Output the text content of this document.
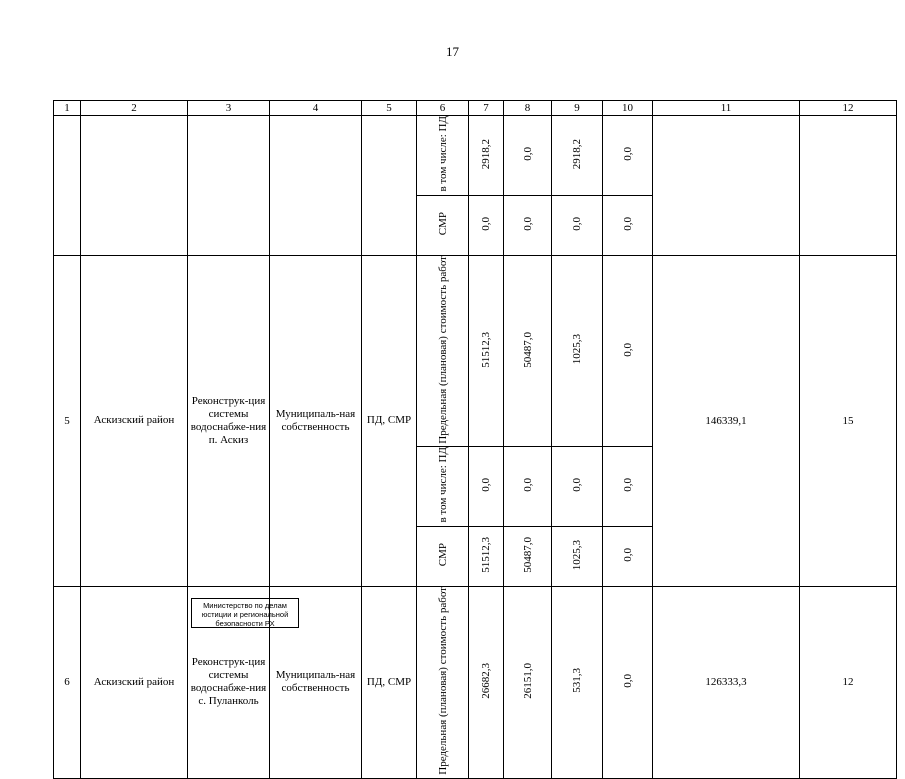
17
1	2	3	4	5	6	7	8	9	10	11	12
					в том числе: ПД	2918,2	0,0	2918,2	0,0		
					СМР	0,0	0,0	0,0	0,0		
5	Аскизский район	Реконструк-ция системы водоснабже-ния п. Аскиз	Муниципаль-ная собственность	ПД, СМР	Предельная (плановая) стоимость работ	51512,3	50487,0	1025,3	0,0	146339,1	15
					в том числе: ПД	0,0	0,0	0,0	0,0		
					СМР	51512,3	50487,0	1025,3	0,0		
6	Аскизский район	Реконструк-ция системы водоснабже-ния с. Пуланколь	Муниципаль-ная собственность	ПД, СМР	Предельная (плановая) стоимость работ	26682,3	26151,0	531,3	0,0	126333,3	12
Министерство по делам
юстиции и региональной
безопасности РХ
